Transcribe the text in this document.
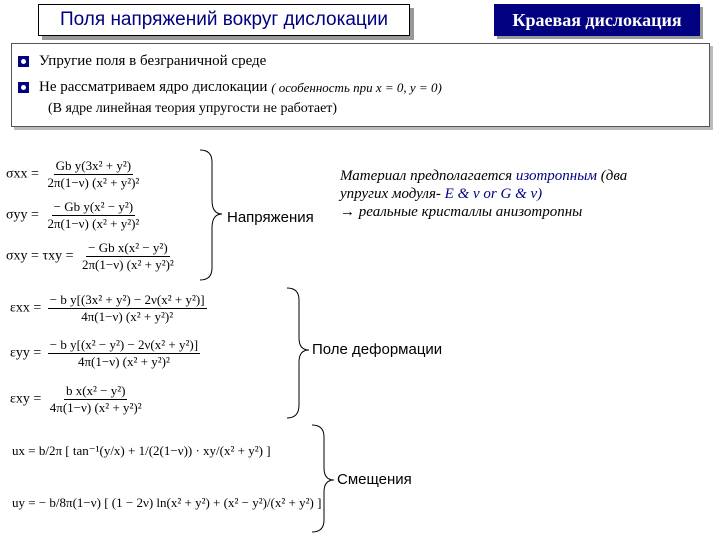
Поля напряжений вокруг дислокации	Краевая дислокация
Упругие поля в безграничной среде
Не рассматриваем ядро дислокации
( особенность при x = 0, y = 0)
(В ядре линейная теория упругости не работает)
$\sigma xx = \frac{\text{Gb y(3x² + y²)}}{\text{2π(1−ν) (x² + y²)²}}$
$\sigma yy = \frac{\text{− Gb y(x² − y²)}}{\text{2π(1−ν) (x² + y²)²}}$
$\sigma xy = \tau xy = \frac{\text{− Gb x(x² − y²)}}{\text{2π(1−ν) (x² + y²)²}}$
Напряжения
Материал предполагается изотропным (два
упругих модуля- E & ν or G & ν)
→ реальные кристаллы анизотропны
$\varepsilon xx = \frac{\text{− b y[(3x² + y²) − 2ν(x² + y²)]}}{\text{4π(1−ν) (x² + y²)²}}$
$\varepsilon yy = \frac{\text{− b y[(x² − y²) − 2ν(x² + y²)]}}{\text{4π(1−ν) (x² + y²)²}}$
$\varepsilon xy = \frac{\text{b x(x² − y²)}}{\text{4π(1−ν) (x² + y²)²}}$
Поле деформации
ux = b/2π [ tan⁻¹(y/x) + 1/(2(1−ν)) · xy/(x² + y²) ]
uy = − b/8π(1−ν) [ (1 − 2ν) ln(x² + y²) + (x² − y²)/(x² + y²) ]
Смещения
